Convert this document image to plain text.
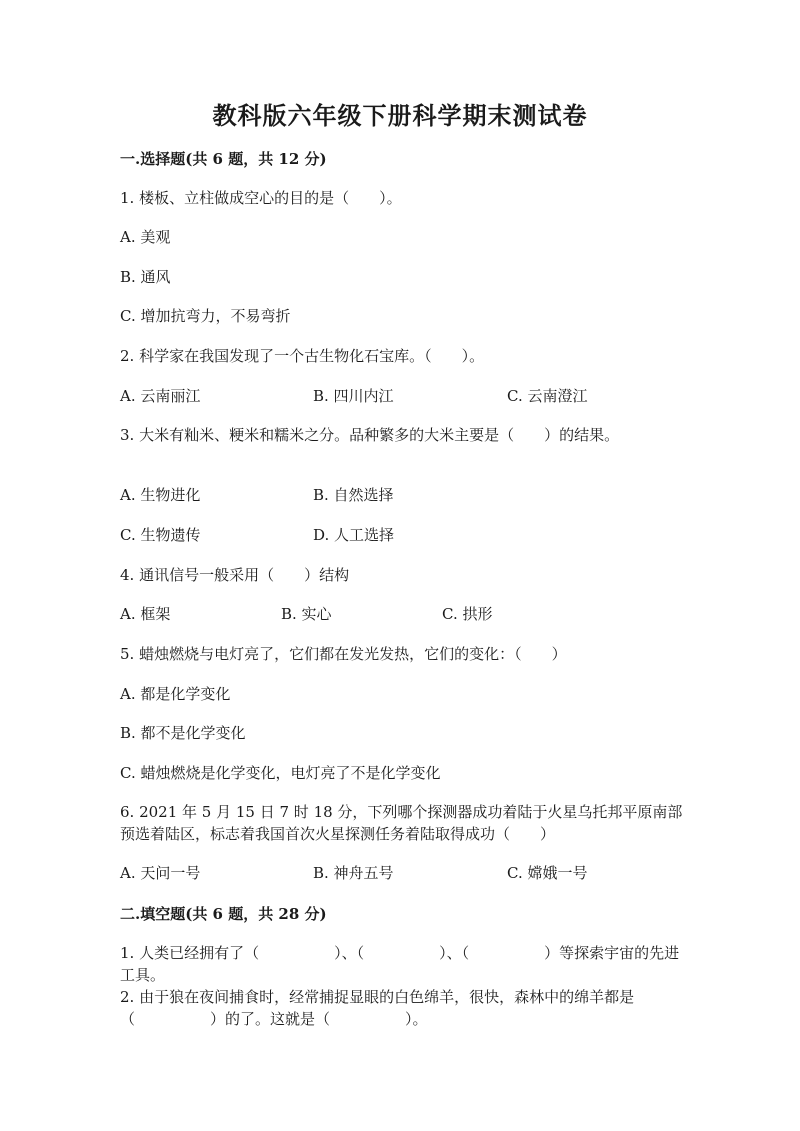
教科版六年级下册科学期末测试卷
一.选择题(共 6 题，共 12 分)
1. 楼板、立柱做成空心的目的是（　　）。
A. 美观
B. 通风
C. 增加抗弯力，不易弯折
2. 科学家在我国发现了一个古生物化石宝库。（　　）。
A. 云南丽江	B. 四川内江	C. 云南澄江
3. 大米有籼米、粳米和糯米之分。品种繁多的大米主要是（　　）的结果。
A. 生物进化	B. 自然选择
C. 生物遗传	D. 人工选择
4. 通讯信号一般采用（　　）结构
A. 框架	B. 实心	C. 拱形
5. 蜡烛燃烧与电灯亮了，它们都在发光发热，它们的变化：（　　）
A. 都是化学变化
B. 都不是化学变化
C. 蜡烛燃烧是化学变化，电灯亮了不是化学变化
6. 2021 年 5 月 15 日 7 时 18 分，下列哪个探测器成功着陆于火星乌托邦平原南部预选着陆区，标志着我国首次火星探测任务着陆取得成功（　　）
A. 天问一号	B. 神舟五号	C. 嫦娥一号
二.填空题(共 6 题，共 28 分)
1. 人类已经拥有了（　　　　　）、（　　　　　）、（　　　　　）等探索宇宙的先进工具。
2. 由于狼在夜间捕食时，经常捕捉显眼的白色绵羊，很快，森林中的绵羊都是（　　　　　）的了。这就是（　　　　　）。
